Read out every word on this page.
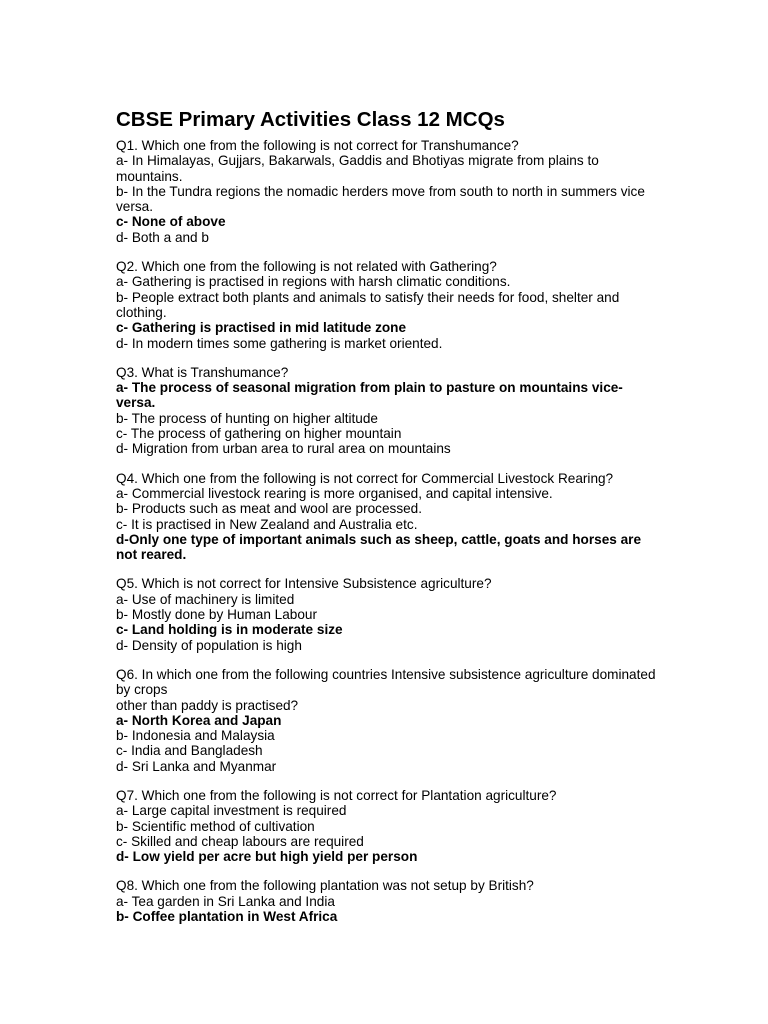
CBSE Primary Activities Class 12 MCQs
Q1. Which one from the following is not correct for Transhumance?
a- In Himalayas, Gujjars, Bakarwals, Gaddis and Bhotiyas migrate from plains to mountains.
b- In the Tundra regions the nomadic herders move from south to north in summers vice versa.
c- None of above
d- Both a and b
Q2. Which one from the following is not related with Gathering?
a- Gathering is practised in regions with harsh climatic conditions.
b- People extract both plants and animals to satisfy their needs for food, shelter and clothing.
c- Gathering is practised in mid latitude zone
d- In modern times some gathering is market oriented.
Q3. What is Transhumance?
a- The process of seasonal migration from plain to pasture on mountains vice-versa.
b- The process of hunting on higher altitude
c- The process of gathering on higher mountain
d- Migration from urban area to rural area on mountains
Q4. Which one from the following is not correct for Commercial Livestock Rearing?
a- Commercial livestock rearing is more organised, and capital intensive.
b- Products such as meat and wool are processed.
c- It is practised in New Zealand and Australia etc.
d-Only one type of important animals such as sheep, cattle, goats and horses are not reared.
Q5. Which is not correct for Intensive Subsistence agriculture?
a- Use of machinery is limited
b- Mostly done by Human Labour
c- Land holding is in moderate size
d- Density of population is high
Q6. In which one from the following countries Intensive subsistence agriculture dominated by crops
other than paddy is practised?
a- North Korea and Japan
b- Indonesia and Malaysia
c- India and Bangladesh
d- Sri Lanka and Myanmar
Q7. Which one from the following is not correct for Plantation agriculture?
a- Large capital investment is required
b- Scientific method of cultivation
c- Skilled and cheap labours are required
d- Low yield per acre but high yield per person
Q8. Which one from the following plantation was not setup by British?
a- Tea garden in Sri Lanka and India
b- Coffee plantation in West Africa
